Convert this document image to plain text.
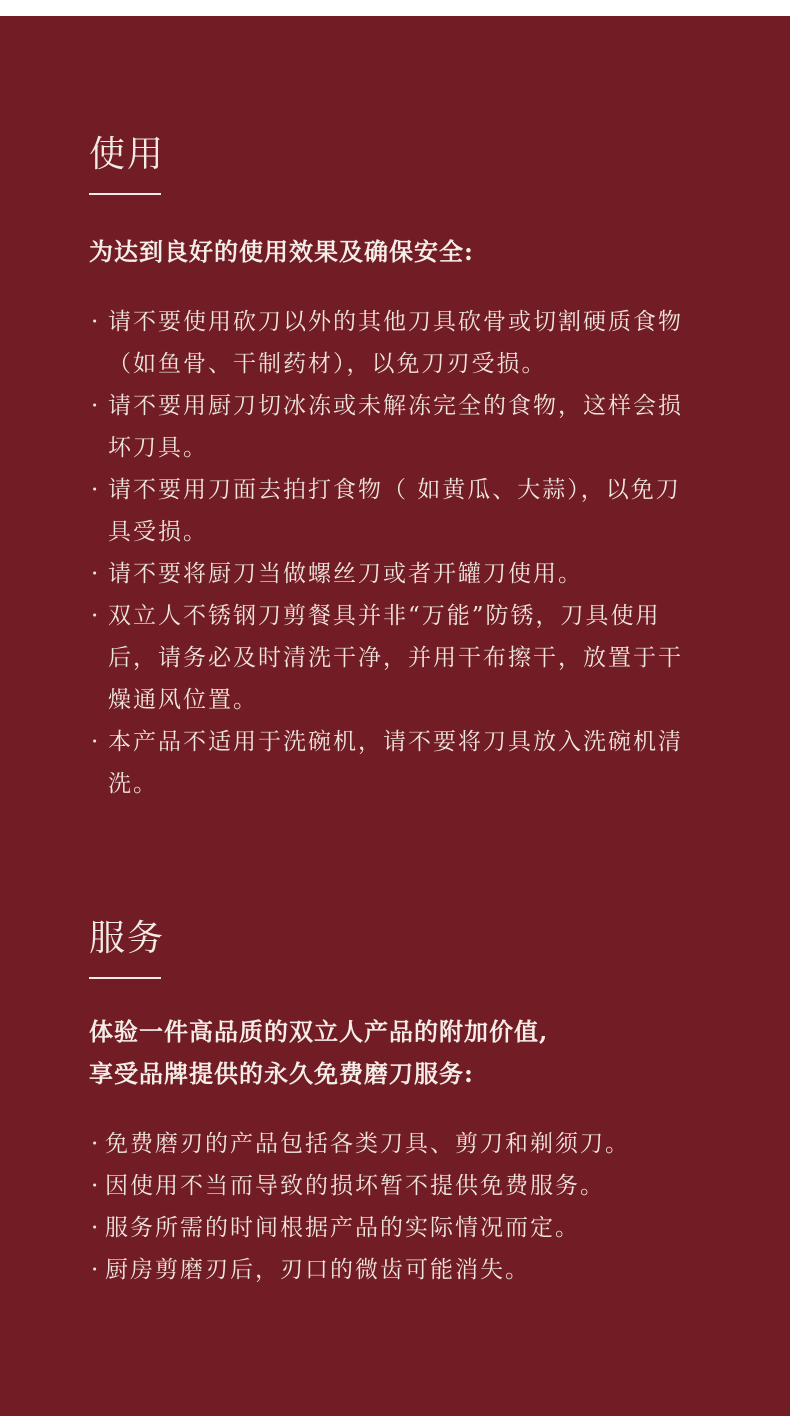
使用
为达到良好的使用效果及确保安全:
· 请不要使用砍刀以外的其他刀具砍骨或切割硬质食物（如鱼骨、干制药材），以免刀刃受损。
· 请不要用厨刀切冰冻或未解冻完全的食物，这样会损坏刀具。
· 请不要用刀面去拍打食物（ 如黄瓜、大蒜），以免刀具受损。
· 请不要将厨刀当做螺丝刀或者开罐刀使用。
· 双立人不锈钢刀剪餐具并非“万能”防锈，刀具使用后，请务必及时清洗干净，并用干布擦干，放置于干燥通风位置。
· 本产品不适用于洗碗机，请不要将刀具放入洗碗机清洗。
服务
体验一件高品质的双立人产品的附加价值,
享受品牌提供的永久免费磨刀服务:
· 免费磨刃的产品包括各类刀具、剪刀和剃须刀。
· 因使用不当而导致的损坏暂不提供免费服务。
· 服务所需的时间根据产品的实际情况而定。
· 厨房剪磨刃后，刃口的微齿可能消失。
